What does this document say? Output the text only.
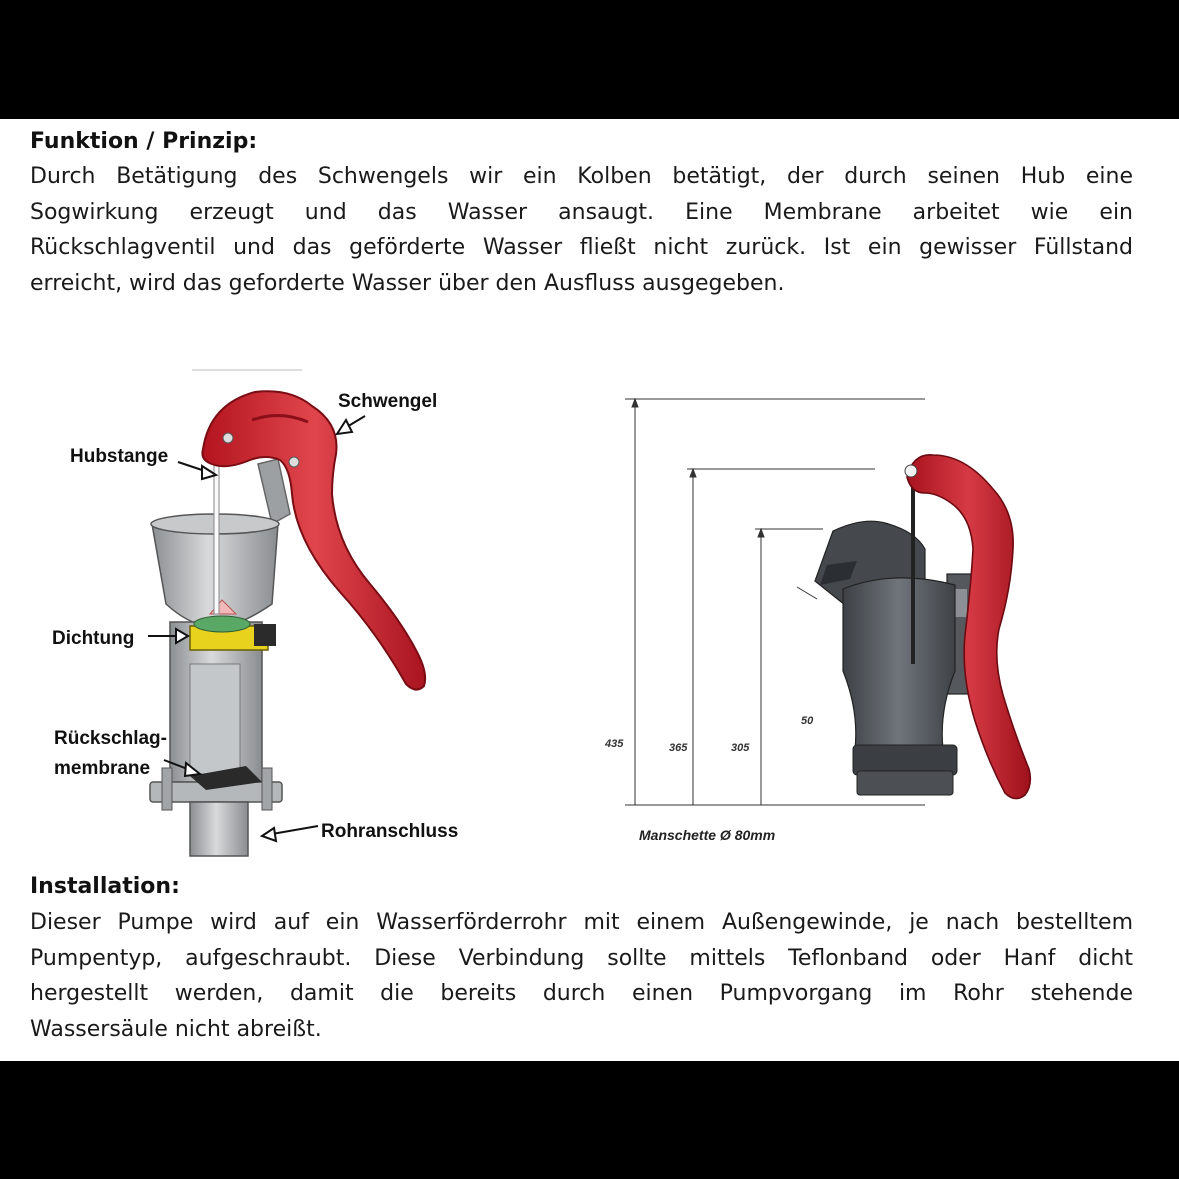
Funktion / Prinzip:
Durch Betätigung des Schwengels wir ein Kolben betätigt, der durch seinen Hub eine
Sogwirkung erzeugt und das Wasser ansaugt. Eine Membrane arbeitet wie ein
Rückschlagventil und das geförderte Wasser fließt nicht zurück. Ist ein gewisser Füllstand
erreicht, wird das geforderte Wasser über den Ausfluss ausgegeben.
Schwengel
Hubstange
Dichtung
Rückschlag-
membrane
Rohranschluss
435	365	305
50
Manschette Ø 80mm
Installation:
Dieser Pumpe wird auf ein Wasserförderrohr mit einem Außengewinde, je nach bestelltem
Pumpentyp, aufgeschraubt. Diese Verbindung sollte mittels Teflonband oder Hanf dicht
hergestellt werden, damit die bereits durch einen Pumpvorgang im Rohr stehende
Wassersäule nicht abreißt.
